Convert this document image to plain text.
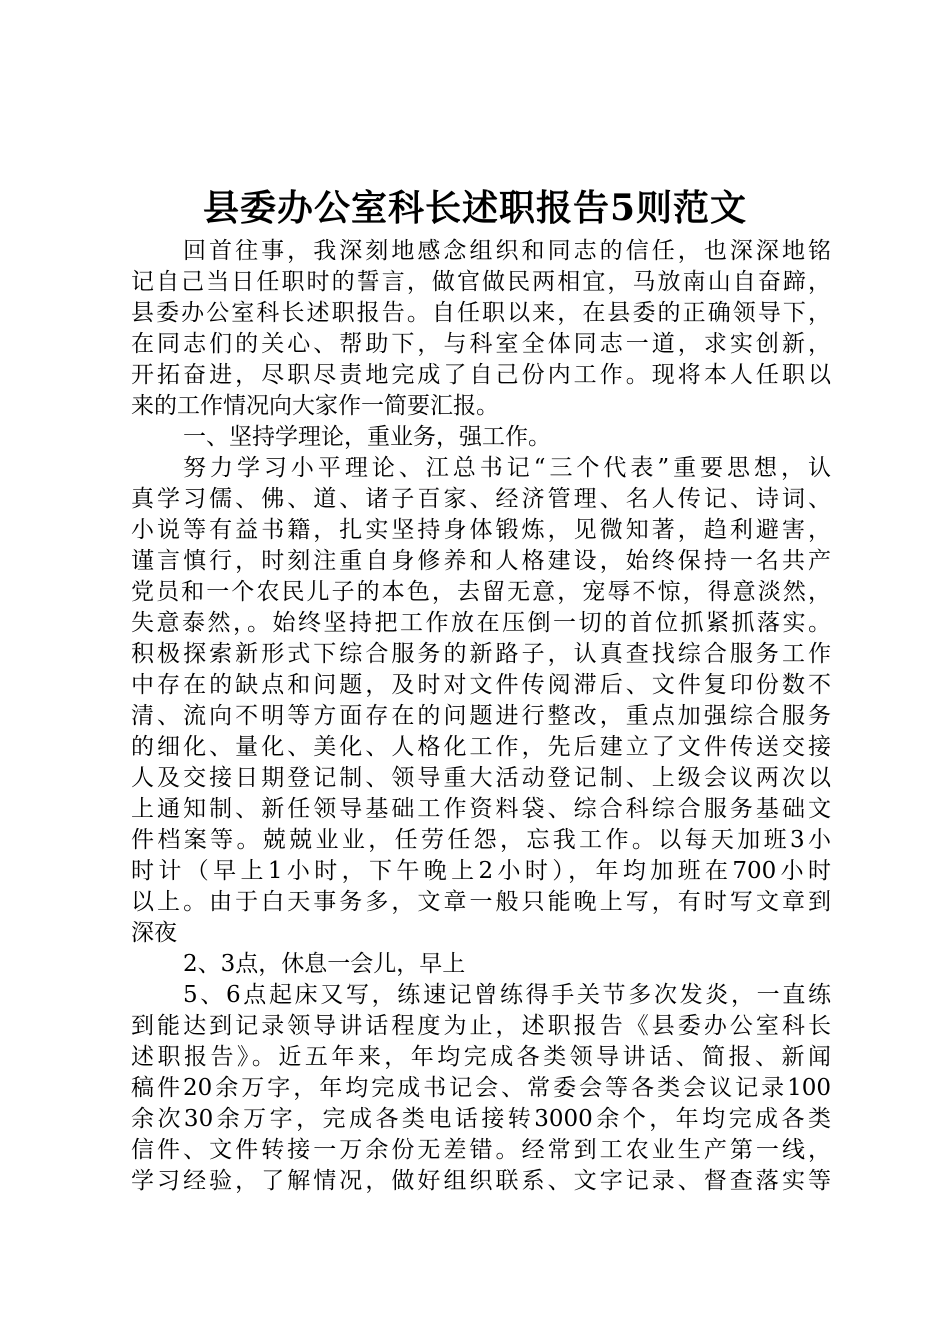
县委办公室科长述职报告5则范文
回首往事，我深刻地感念组织和同志的信任，也深深地铭
记自己当日任职时的誓言，做官做民两相宜，马放南山自奋蹄，
县委办公室科长述职报告。自任职以来，在县委的正确领导下，
在同志们的关心、帮助下，与科室全体同志一道，求实创新，
开拓奋进，尽职尽责地完成了自己份内工作。现将本人任职以
来的工作情况向大家作一简要汇报。
一、坚持学理论，重业务，强工作。
努力学习小平理论、江总书记“三个代表”重要思想，认
真学习儒、佛、道、诸子百家、经济管理、名人传记、诗词、
小说等有益书籍，扎实坚持身体锻炼，见微知著，趋利避害，
谨言慎行，时刻注重自身修养和人格建设，始终保持一名共产
党员和一个农民儿子的本色，去留无意，宠辱不惊，得意淡然，
失意泰然，。始终坚持把工作放在压倒一切的首位抓紧抓落实。
积极探索新形式下综合服务的新路子，认真查找综合服务工作
中存在的缺点和问题，及时对文件传阅滞后、文件复印份数不
清、流向不明等方面存在的问题进行整改，重点加强综合服务
的细化、量化、美化、人格化工作，先后建立了文件传送交接
人及交接日期登记制、领导重大活动登记制、上级会议两次以
上通知制、新任领导基础工作资料袋、综合科综合服务基础文
件档案等。兢兢业业，任劳任怨，忘我工作。以每天加班3小
时计（早上1小时，下午晚上2小时），年均加班在700小时
以上。由于白天事务多，文章一般只能晚上写，有时写文章到
深夜
2、3点，休息一会儿，早上
5、6点起床又写，练速记曾练得手关节多次发炎，一直练
到能达到记录领导讲话程度为止，述职报告《县委办公室科长
述职报告》。近五年来，年均完成各类领导讲话、简报、新闻
稿件20余万字，年均完成书记会、常委会等各类会议记录100
余次30余万字，完成各类电话接转3000余个，年均完成各类
信件、文件转接一万余份无差错。经常到工农业生产第一线，
学习经验，了解情况，做好组织联系、文字记录、督查落实等
